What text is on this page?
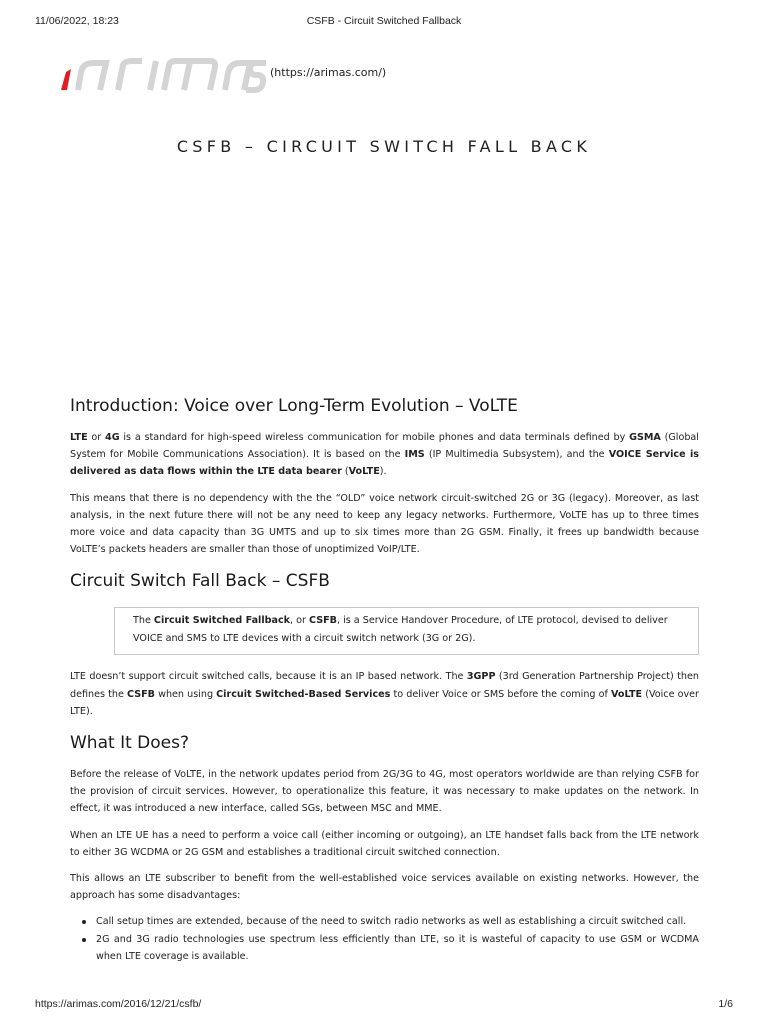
11/06/2022, 18:23	CSFB - Circuit Switched Fallback
(https://arimas.com/)
CSFB – CIRCUIT SWITCH FALL BACK
Introduction: Voice over Long-Term Evolution – VoLTE

LTE or 4G is a standard for high-speed wireless communication for mobile phones and data terminals defined by GSMA (Global System for Mobile Communications Association). It is based on the IMS (IP Multimedia Subsystem), and the VOICE Service is delivered as data flows within the LTE data bearer (VoLTE).

This means that there is no dependency with the the “OLD” voice network circuit-switched 2G or 3G (legacy). Moreover, as last analysis, in the next future there will not be any need to keep any legacy networks. Furthermore, VoLTE has up to three times more voice and data capacity than 3G UMTS and up to six times more than 2G GSM. Finally, it frees up bandwidth because VoLTE’s packets headers are smaller than those of unoptimized VoIP/LTE.

Circuit Switch Fall Back – CSFB
The Circuit Switched Fallback, or CSFB, is a Service Handover Procedure, of LTE protocol, devised to deliver VOICE and SMS to LTE devices with a circuit switch network (3G or 2G).

LTE doesn’t support circuit switched calls, because it is an IP based network. The 3GPP (3rd Generation Partnership Project) then defines the CSFB when using Circuit Switched-Based Services to deliver Voice or SMS before the coming of VoLTE (Voice over LTE).

What It Does?

Before the release of VoLTE, in the network updates period from 2G/3G to 4G, most operators worldwide are than relying CSFB for the provision of circuit services. However, to operationalize this feature, it was necessary to make updates on the network. In effect, it was introduced a new interface, called SGs, between MSC and MME.

When an LTE UE has a need to perform a voice call (either incoming or outgoing), an LTE handset falls back from the LTE network to either 3G WCDMA or 2G GSM and establishes a traditional circuit switched connection.

This allows an LTE subscriber to benefit from the well-established voice services available on existing networks. However, the approach has some disadvantages:

Call setup times are extended, because of the need to switch radio networks as well as establishing a circuit switched call.
2G and 3G radio technologies use spectrum less efficiently than LTE, so it is wasteful of capacity to use GSM or WCDMA when LTE coverage is available.
https://arimas.com/2016/12/21/csfb/	1/6
